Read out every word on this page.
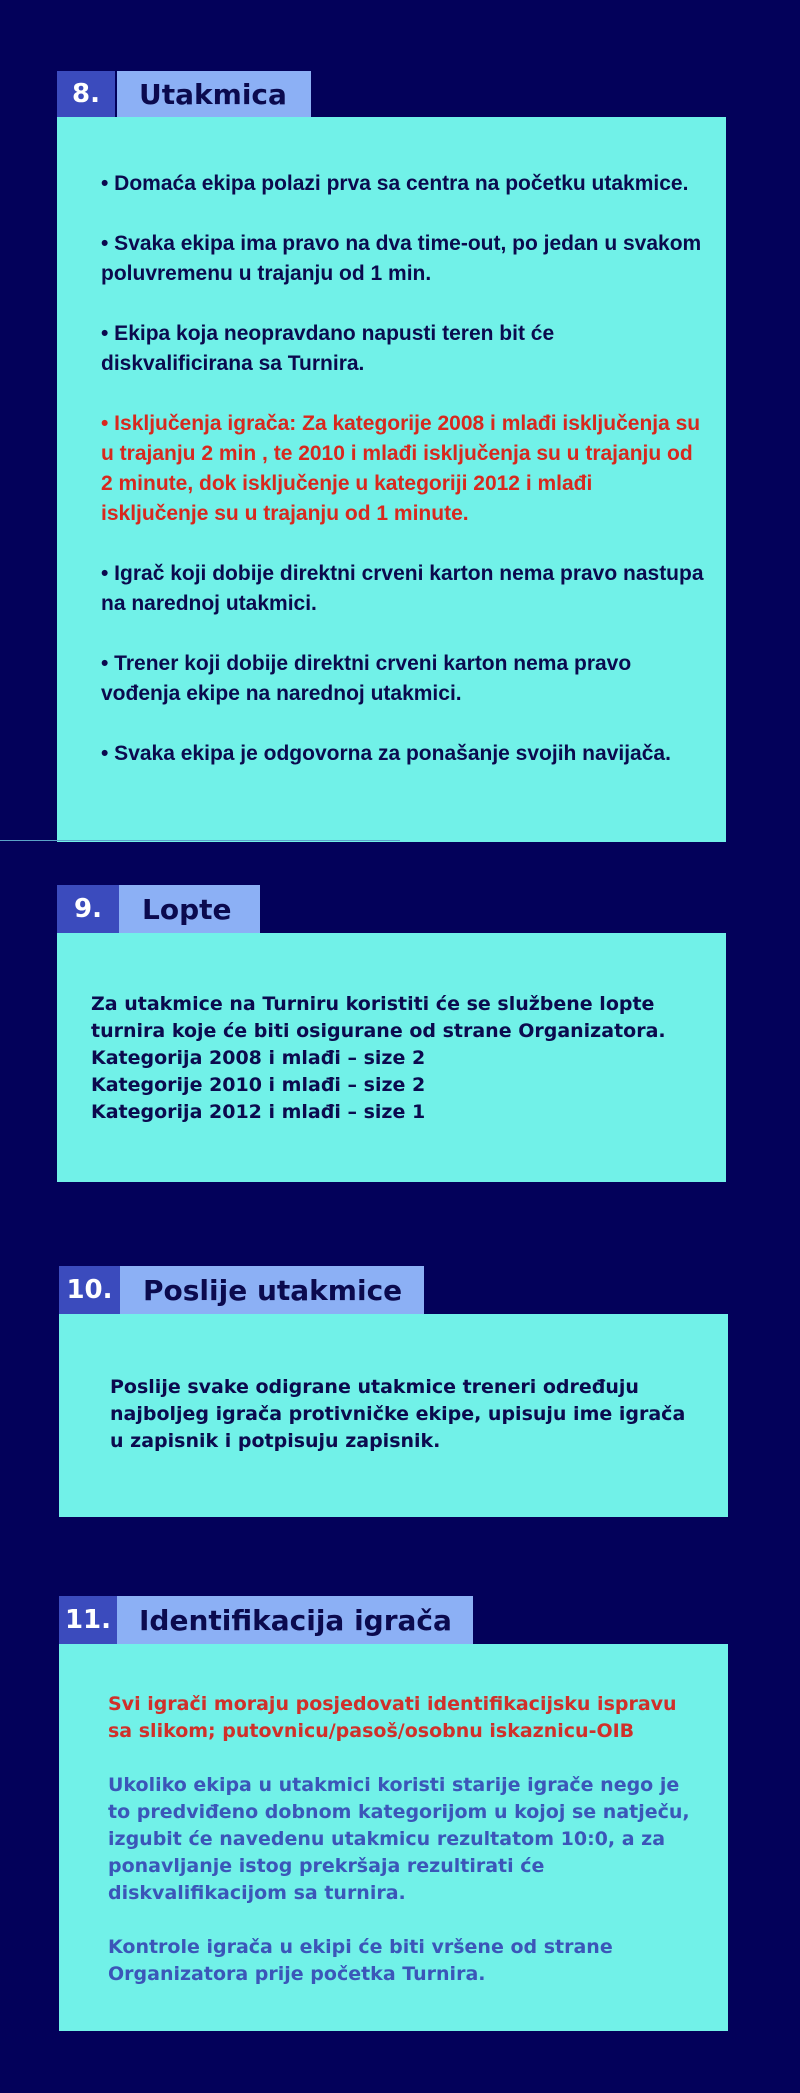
8.	Utakmica

• Domaća ekipa polazi prva sa centra na početku utakmice.

• Svaka ekipa ima pravo na dva time-out, po jedan u svakom poluvremenu u trajanju od 1 min.

• Ekipa koja neopravdano napusti teren bit će diskvalificirana sa Turnira.

• Isključenja igrača: Za kategorije 2008 i mlađi isključenja su u trajanju 2 min , te 2010 i mlađi isključenja su u trajanju od 2 minute, dok isključenje u kategoriji 2012 i mlađi isključenje su u trajanju od 1 minute.

• Igrač koji dobije direktni crveni karton nema pravo nastupa na narednoj utakmici.

• Trener koji dobije direktni crveni karton nema pravo vođenja ekipe na narednoj utakmici.

• Svaka ekipa je odgovorna za ponašanje svojih navijača.

9.	Lopte

Za utakmice na Turniru koristiti će se službene lopte turnira koje će biti osigurane od strane Organizatora.

Kategorija 2008 i mlađi – size 2

Kategorije 2010 i mlađi – size 2

Kategorija 2012 i mlađi – size 1

10.	Poslije utakmice

Poslije svake odigrane utakmice treneri određuju najboljeg igrača protivničke ekipe, upisuju ime igrača u zapisnik i potpisuju zapisnik.

11. Identifikacija igrača

Svi igrači moraju posjedovati identifikacijsku ispravu sa slikom; putovnicu/pasoš/osobnu iskaznicu-OIB

Ukoliko ekipa u utakmici koristi starije igrače nego je to predviđeno dobnom kategorijom u kojoj se natječu, izgubit će navedenu utakmicu rezultatom 10:0, a za ponavljanje istog prekršaja rezultirati će diskvalifikacijom sa turnira.

Kontrole igrača u ekipi će biti vršene od strane Organizatora prije početka Turnira.
